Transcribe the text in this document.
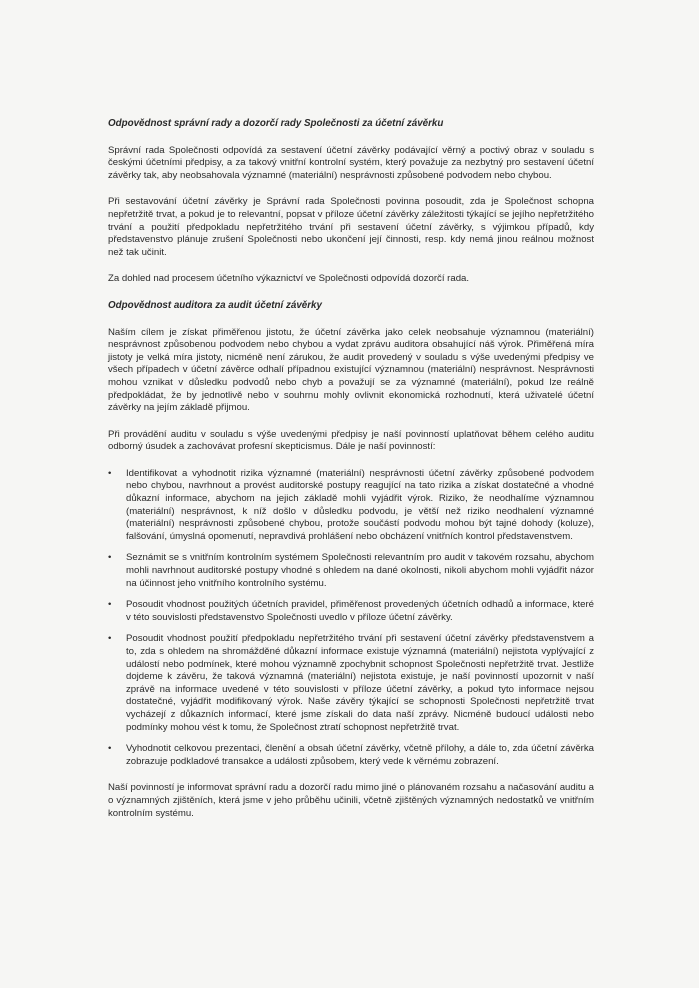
Odpovědnost správní rady a dozorčí rady Společnosti za účetní závěrku

Správní rada Společnosti odpovídá za sestavení účetní závěrky podávající věrný a poctivý obraz v souladu s českými účetními předpisy, a za takový vnitřní kontrolní systém, který považuje za nezbytný pro sestavení účetní závěrky tak, aby neobsahovala významné (materiální) nesprávnosti způsobené podvodem nebo chybou.

Při sestavování účetní závěrky je Správní rada Společnosti povinna posoudit, zda je Společnost schopna nepřetržitě trvat, a pokud je to relevantní, popsat v příloze účetní závěrky záležitosti týkající se jejího nepřetržitého trvání a použití předpokladu nepřetržitého trvání při sestavení účetní závěrky, s výjimkou případů, kdy představenstvo plánuje zrušení Společnosti nebo ukončení její činnosti, resp. kdy nemá jinou reálnou možnost než tak učinit.

Za dohled nad procesem účetního výkaznictví ve Společnosti odpovídá dozorčí rada.

Odpovědnost auditora za audit účetní závěrky

Naším cílem je získat přiměřenou jistotu, že účetní závěrka jako celek neobsahuje významnou (materiální) nesprávnost způsobenou podvodem nebo chybou a vydat zprávu auditora obsahující náš výrok. Přiměřená míra jistoty je velká míra jistoty, nicméně není zárukou, že audit provedený v souladu s výše uvedenými předpisy ve všech případech v účetní závěrce odhalí případnou existující významnou (materiální) nesprávnost. Nesprávnosti mohou vznikat v důsledku podvodů nebo chyb a považují se za významné (materiální), pokud lze reálně předpokládat, že by jednotlivě nebo v souhrnu mohly ovlivnit ekonomická rozhodnutí, která uživatelé účetní závěrky na jejím základě přijmou.

Při provádění auditu v souladu s výše uvedenými předpisy je naší povinností uplatňovat během celého auditu odborný úsudek a zachovávat profesní skepticismus. Dále je naší povinností:

• Identifikovat a vyhodnotit rizika významné (materiální) nesprávnosti účetní závěrky způsobené podvodem nebo chybou, navrhnout a provést auditorské postupy reagující na tato rizika a získat dostatečné a vhodné důkazní informace, abychom na jejich základě mohli vyjádřit výrok. Riziko, že neodhalíme významnou (materiální) nesprávnost, k níž došlo v důsledku podvodu, je větší než riziko neodhalení významné (materiální) nesprávnosti způsobené chybou, protože součástí podvodu mohou být tajné dohody (koluze), falšování, úmyslná opomenutí, nepravdivá prohlášení nebo obcházení vnitřních kontrol představenstvem.
• Seznámit se s vnitřním kontrolním systémem Společnosti relevantním pro audit v takovém rozsahu, abychom mohli navrhnout auditorské postupy vhodné s ohledem na dané okolnosti, nikoli abychom mohli vyjádřit názor na účinnost jeho vnitřního kontrolního systému.
• Posoudit vhodnost použitých účetních pravidel, přiměřenost provedených účetních odhadů a informace, které v této souvislosti představenstvo Společnosti uvedlo v příloze účetní závěrky.
• Posoudit vhodnost použití předpokladu nepřetržitého trvání při sestavení účetní závěrky představenstvem a to, zda s ohledem na shromážděné důkazní informace existuje významná (materiální) nejistota vyplývající z událostí nebo podmínek, které mohou významně zpochybnit schopnost Společnosti nepřetržitě trvat. Jestliže dojdeme k závěru, že taková významná (materiální) nejistota existuje, je naší povinností upozornit v naší zprávě na informace uvedené v této souvislosti v příloze účetní závěrky, a pokud tyto informace nejsou dostatečné, vyjádřit modifikovaný výrok. Naše závěry týkající se schopnosti Společnosti nepřetržitě trvat vycházejí z důkazních informací, které jsme získali do data naší zprávy. Nicméně budoucí události nebo podmínky mohou vést k tomu, že Společnost ztratí schopnost nepřetržitě trvat.
• Vyhodnotit celkovou prezentaci, členění a obsah účetní závěrky, včetně přílohy, a dále to, zda účetní závěrka zobrazuje podkladové transakce a události způsobem, který vede k věrnému zobrazení.

Naší povinností je informovat správní radu a dozorčí radu mimo jiné o plánovaném rozsahu a načasování auditu a o významných zjištěních, která jsme v jeho průběhu učinili, včetně zjištěných významných nedostatků ve vnitřním kontrolním systému.
